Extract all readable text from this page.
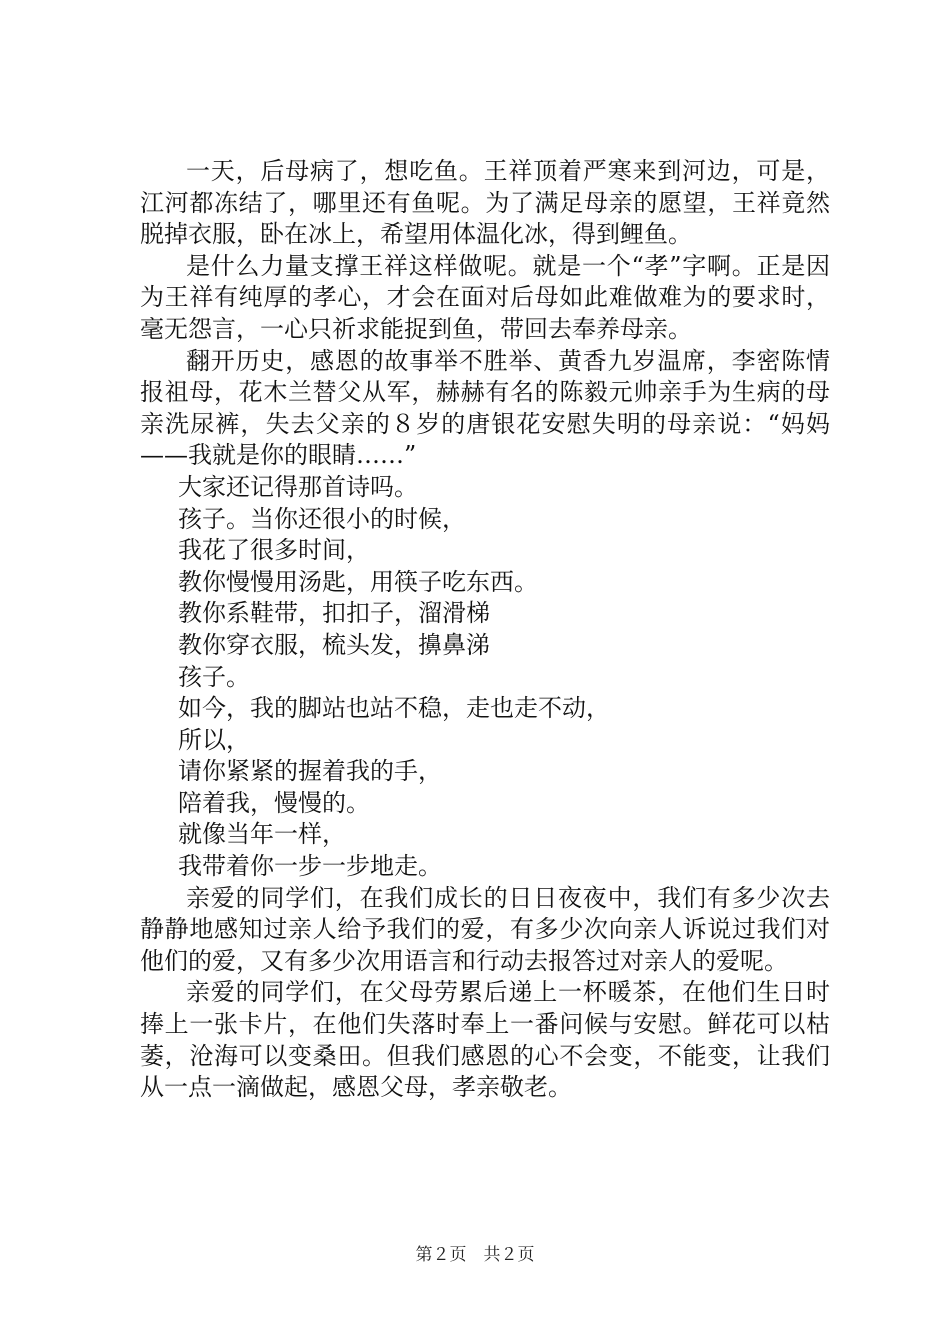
一天，后母病了，想吃鱼。王祥顶着严寒来到河边，可是，江河都冻结了，哪里还有鱼呢。为了满足母亲的愿望，王祥竟然脱掉衣服，卧在冰上，希望用体温化冰，得到鲤鱼。

是什么力量支撑王祥这样做呢。就是一个“孝”字啊。正是因为王祥有纯厚的孝心，才会在面对后母如此难做难为的要求时，毫无怨言，一心只祈求能捉到鱼，带回去奉养母亲。

翻开历史，感恩的故事举不胜举、黄香九岁温席，李密陈情报祖母，花木兰替父从军，赫赫有名的陈毅元帅亲手为生病的母亲洗尿裤，失去父亲的８岁的唐银花安慰失明的母亲说：“妈妈——我就是你的眼睛……”

大家还记得那首诗吗。

孩子。当你还很小的时候，

我花了很多时间，

教你慢慢用汤匙，用筷子吃东西。

教你系鞋带，扣扣子，溜滑梯

教你穿衣服，梳头发，擤鼻涕

孩子。

如今，我的脚站也站不稳，走也走不动，

所以，

请你紧紧的握着我的手，

陪着我，慢慢的。

就像当年一样，

我带着你一步一步地走。

亲爱的同学们，在我们成长的日日夜夜中，我们有多少次去静静地感知过亲人给予我们的爱，有多少次向亲人诉说过我们对他们的爱，又有多少次用语言和行动去报答过对亲人的爱呢。

亲爱的同学们，在父母劳累后递上一杯暖茶，在他们生日时捧上一张卡片，在他们失落时奉上一番问候与安慰。鲜花可以枯萎，沧海可以变桑田。但我们感恩的心不会变，不能变，让我们从一点一滴做起，感恩父母，孝亲敬老。

第２页　共２页
